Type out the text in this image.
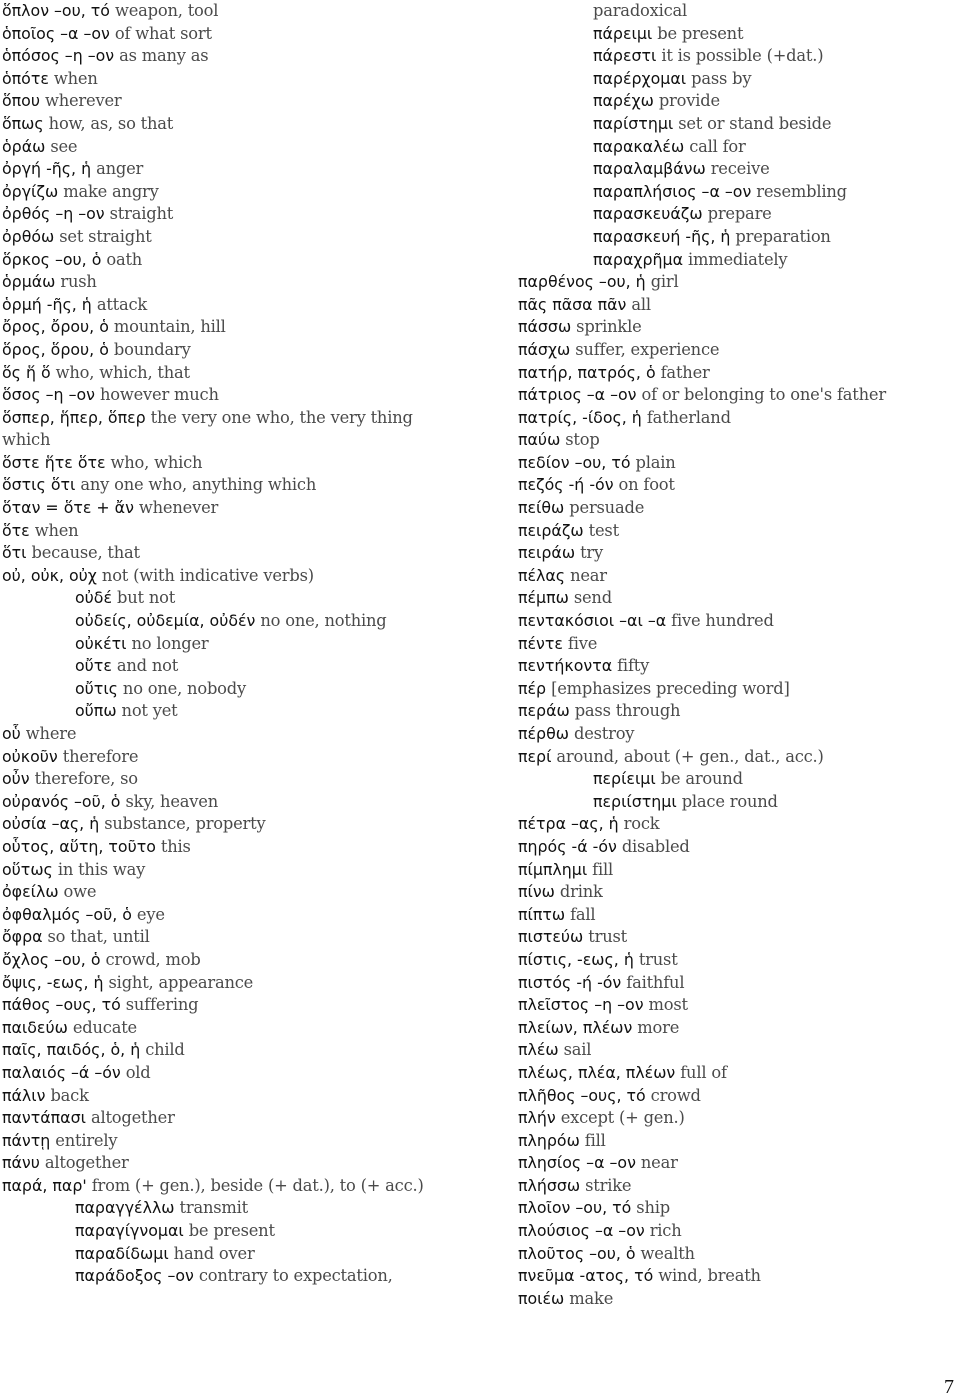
ὅπλον –ου, τό weapon, tool
ὁποῖος –α –ον of what sort
ὁπόσος –η –ον as many as
ὁπότε when
ὅπου wherever
ὅπως how, as, so that
ὁράω see
ὀργή -ῆς, ἡ anger
ὀργίζω make angry
ὀρθός –η –ον straight
ὀρθόω set straight
ὅρκος –ου, ὁ oath
ὁρμάω rush
ὁρμή -ῆς, ἡ attack
ὄρος, ὄρου, ὁ mountain, hill
ὅρος, ὅρου, ὁ boundary
ὅς ἥ ὅ who, which, that
ὅσος –η –ον however much
ὅσπερ, ἥπερ, ὅπερ the very one who, the very thing which
ὅστε ἥτε ὅτε who, which
ὅστις ὅτι any one who, anything which
ὅταν = ὅτε + ἄν whenever
ὅτε when
ὅτι because, that
οὐ, οὐκ, οὐχ not (with indicative verbs)
οὐδέ but not
οὐδείς, οὐδεμία, οὐδέν no one, nothing
οὐκέτι no longer
οὔτε and not
οὔτις no one, nobody
οὔπω not yet
οὗ where
οὐκοῦν therefore
οὖν therefore, so
οὐρανός –οῦ, ὁ sky, heaven
οὐσία –ας, ἡ substance, property
οὗτος, αὕτη, τοῦτο this
οὕτως in this way
ὀφείλω owe
ὀφθαλμός –οῦ, ὁ eye
ὄφρα so that, until
ὄχλος –ου, ὁ crowd, mob
ὄψις, -εως, ἡ sight, appearance
πάθος –ους, τό suffering
παιδεύω educate
παῖς, παιδός, ὁ, ἡ child
παλαιός –ά –όν old
πάλιν back
παντάπασι altogether
πάντῃ entirely
πάνυ altogether
παρά, παρ' from (+ gen.), beside (+ dat.), to (+ acc.)
παραγγέλλω transmit
παραγίγνομαι be present
παραδίδωμι hand over
παράδοξος –ον contrary to expectation,
paradoxical
πάρειμι be present
πάρεστι it is possible (+dat.)
παρέρχομαι pass by
παρέχω provide
παρίστημι set or stand beside
παρακαλέω call for
παραλαμβάνω receive
παραπλήσιος –α –ον resembling
παρασκευάζω prepare
παρασκευή -ῆς, ἡ preparation
παραχρῆμα immediately
παρθένος –ου, ἡ girl
πᾶς πᾶσα πᾶν all
πάσσω sprinkle
πάσχω suffer, experience
πατήρ, πατρός, ὁ father
πάτριος –α –ον of or belonging to one's father
πατρίς, -ίδος, ἡ fatherland
παύω stop
πεδίον –ου, τό plain
πεζός -ή -όν on foot
πείθω persuade
πειράζω test
πειράω try
πέλας near
πέμπω send
πεντακόσιοι –αι –α five hundred
πέντε five
πεντήκοντα fifty
πέρ [emphasizes preceding word]
περάω pass through
πέρθω destroy
περί around, about (+ gen., dat., acc.)
περίειμι be around
περιίστημι place round
πέτρα –ας, ἡ rock
πηρός -ά -όν disabled
πίμπλημι fill
πίνω drink
πίπτω fall
πιστεύω trust
πίστις, -εως, ἡ trust
πιστός -ή -όν faithful
πλεῖστος –η –ον most
πλείων, πλέων more
πλέω sail
πλέως, πλέα, πλέων full of
πλῆθος –ους, τό crowd
πλήν except (+ gen.)
πληρόω fill
πλησίος –α –ον near
πλήσσω strike
πλοῖον –ου, τό ship
πλούσιος –α –ον rich
πλοῦτος –ου, ὁ wealth
πνεῦμα -ατος, τό wind, breath
ποιέω make
7
